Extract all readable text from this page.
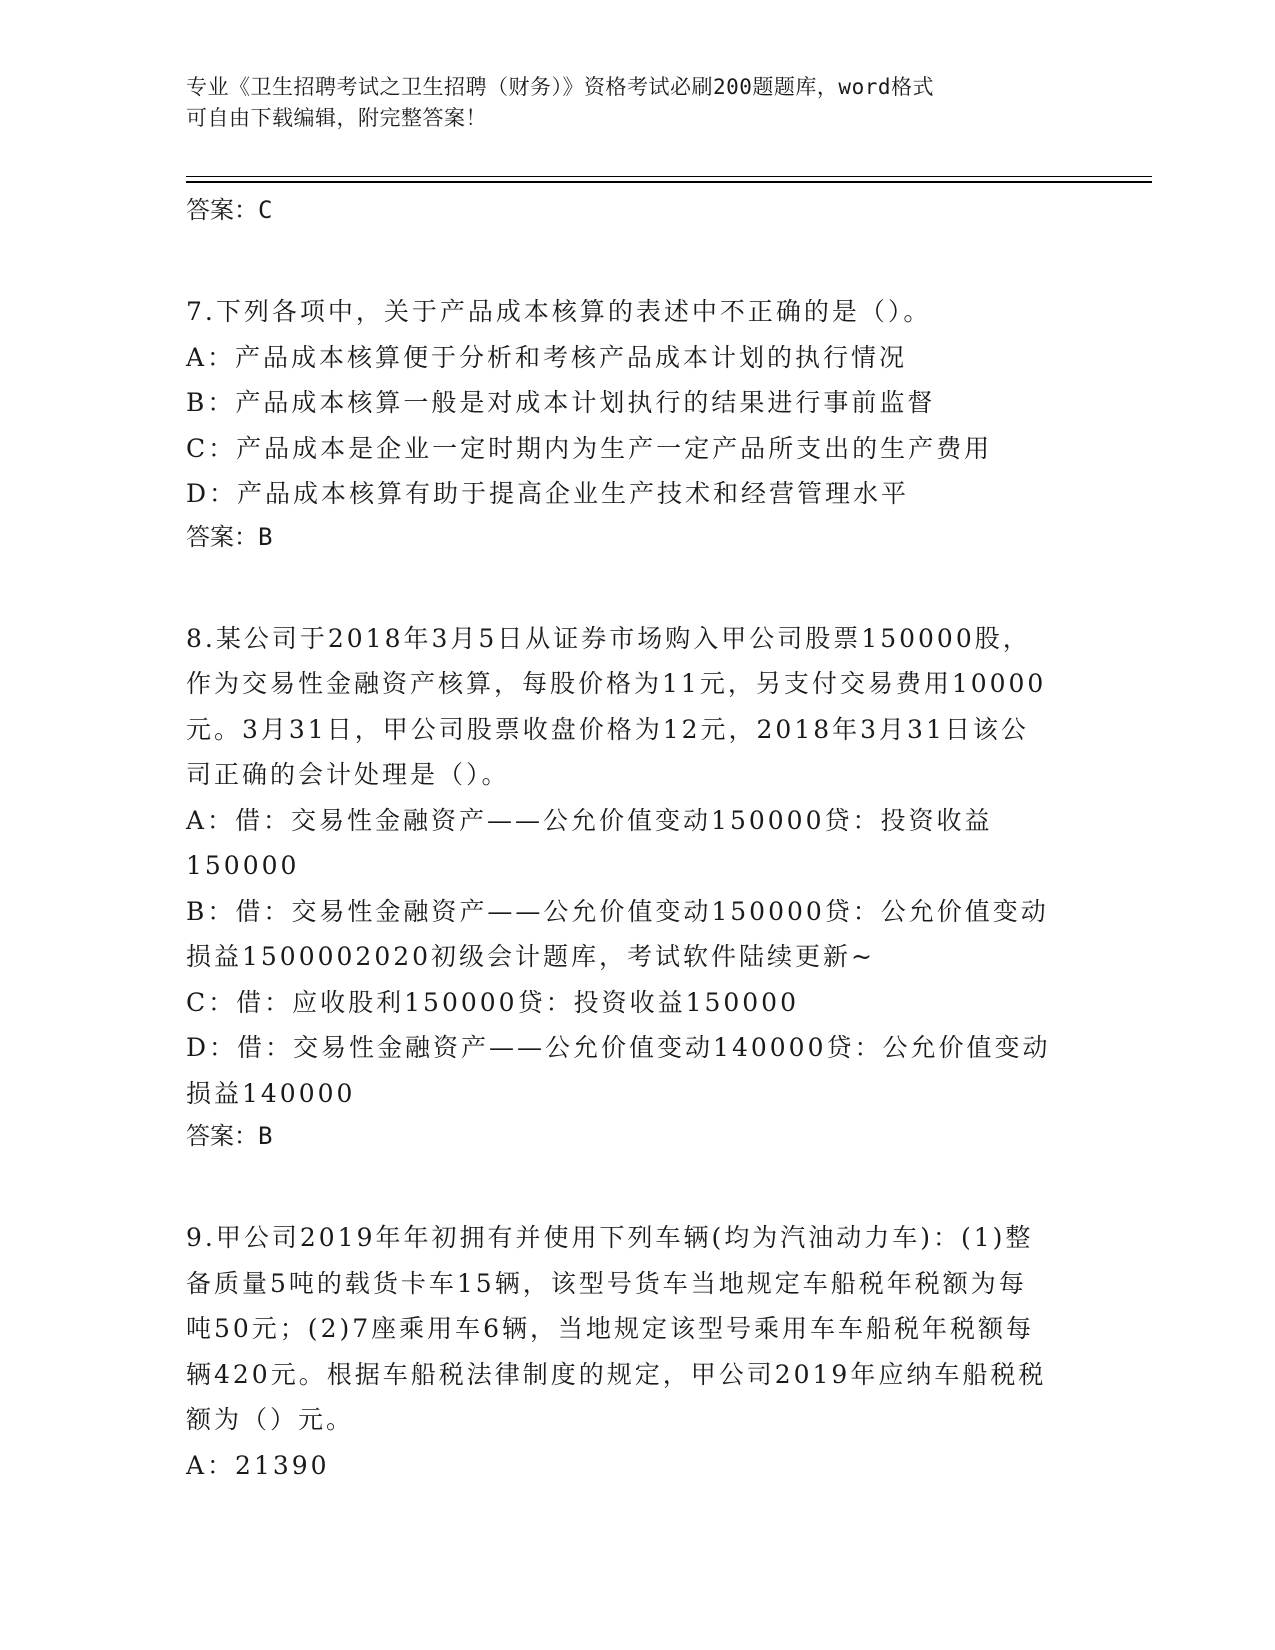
专业《卫生招聘考试之卫生招聘（财务）》资格考试必刷200题题库，word格式
可自由下载编辑，附完整答案！
答案：C
7.下列各项中，关于产品成本核算的表述中不正确的是（）。
A：产品成本核算便于分析和考核产品成本计划的执行情况
B：产品成本核算一般是对成本计划执行的结果进行事前监督
C：产品成本是企业一定时期内为生产一定产品所支出的生产费用
D：产品成本核算有助于提高企业生产技术和经营管理水平
答案：B
8.某公司于2018年3月5日从证券市场购入甲公司股票150000股，
作为交易性金融资产核算，每股价格为11元，另支付交易费用10000
元。3月31日，甲公司股票收盘价格为12元，2018年3月31日该公
司正确的会计处理是（）。
A：借：交易性金融资产——公允价值变动150000贷：投资收益
150000
B：借：交易性金融资产——公允价值变动150000贷：公允价值变动
损益1500002020初级会计题库，考试软件陆续更新~
C：借：应收股利150000贷：投资收益150000
D：借：交易性金融资产——公允价值变动140000贷：公允价值变动
损益140000
答案：B
9.甲公司2019年年初拥有并使用下列车辆(均为汽油动力车)：(1)整
备质量5吨的载货卡车15辆，该型号货车当地规定车船税年税额为每
吨50元；(2)7座乘用车6辆，当地规定该型号乘用车车船税年税额每
辆420元。根据车船税法律制度的规定，甲公司2019年应纳车船税税
额为（）元。
A：21390
